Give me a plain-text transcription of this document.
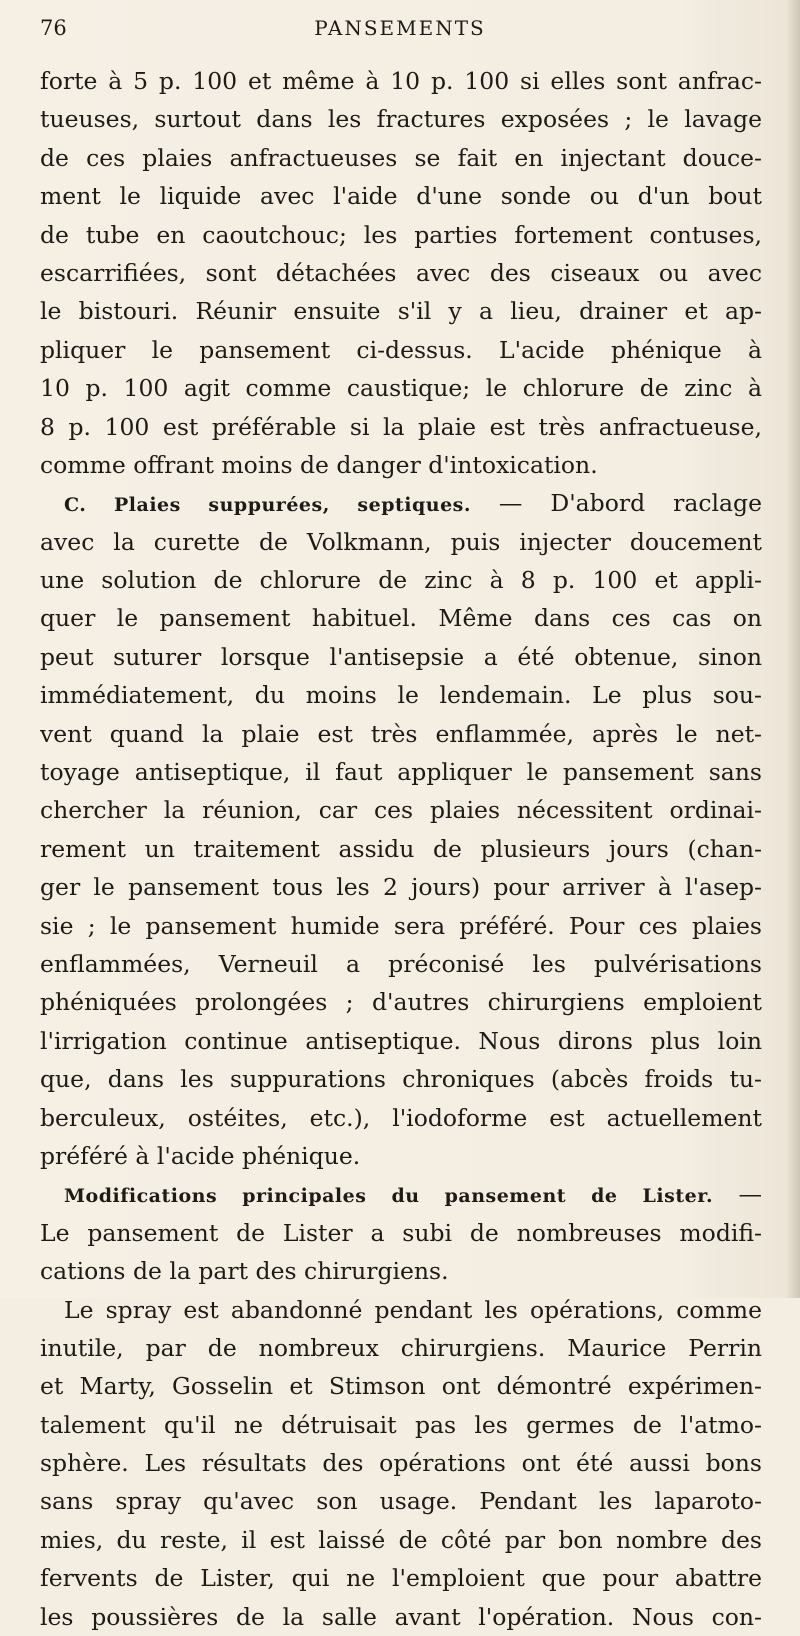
76	PANSEMENTS
forte à 5 p. 100 et même à 10 p. 100 si elles sont anfrac-
tueuses, surtout dans les fractures exposées ; le lavage
de ces plaies anfractueuses se fait en injectant douce-
ment le liquide avec l'aide d'une sonde ou d'un bout
de tube en caoutchouc; les parties fortement contuses,
escarrifiées, sont détachées avec des ciseaux ou avec
le bistouri. Réunir ensuite s'il y a lieu, drainer et ap-
pliquer le pansement ci-dessus. L'acide phénique à
10 p. 100 agit comme caustique; le chlorure de zinc à
8 p. 100 est préférable si la plaie est très anfractueuse,
comme offrant moins de danger d'intoxication.
C. Plaies suppurées, septiques. — D'abord raclage
avec la curette de Volkmann, puis injecter doucement
une solution de chlorure de zinc à 8 p. 100 et appli-
quer le pansement habituel. Même dans ces cas on
peut suturer lorsque l'antisepsie a été obtenue, sinon
immédiatement, du moins le lendemain. Le plus sou-
vent quand la plaie est très enflammée, après le net-
toyage antiseptique, il faut appliquer le pansement sans
chercher la réunion, car ces plaies nécessitent ordinai-
rement un traitement assidu de plusieurs jours (chan-
ger le pansement tous les 2 jours) pour arriver à l'asep-
sie ; le pansement humide sera préféré. Pour ces plaies
enflammées, Verneuil a préconisé les pulvérisations
phéniquées prolongées ; d'autres chirurgiens emploient
l'irrigation continue antiseptique. Nous dirons plus loin
que, dans les suppurations chroniques (abcès froids tu-
berculeux, ostéites, etc.), l'iodoforme est actuellement
préféré à l'acide phénique.
Modifications principales du pansement de Lister. —
Le pansement de Lister a subi de nombreuses modifi-
cations de la part des chirurgiens.
Le spray est abandonné pendant les opérations, comme
inutile, par de nombreux chirurgiens. Maurice Perrin
et Marty, Gosselin et Stimson ont démontré expérimen-
talement qu'il ne détruisait pas les germes de l'atmo-
sphère. Les résultats des opérations ont été aussi bons
sans spray qu'avec son usage. Pendant les laparoto-
mies, du reste, il est laissé de côté par bon nombre des
fervents de Lister, qui ne l'emploient que pour abattre
les poussières de la salle avant l'opération. Nous con-
